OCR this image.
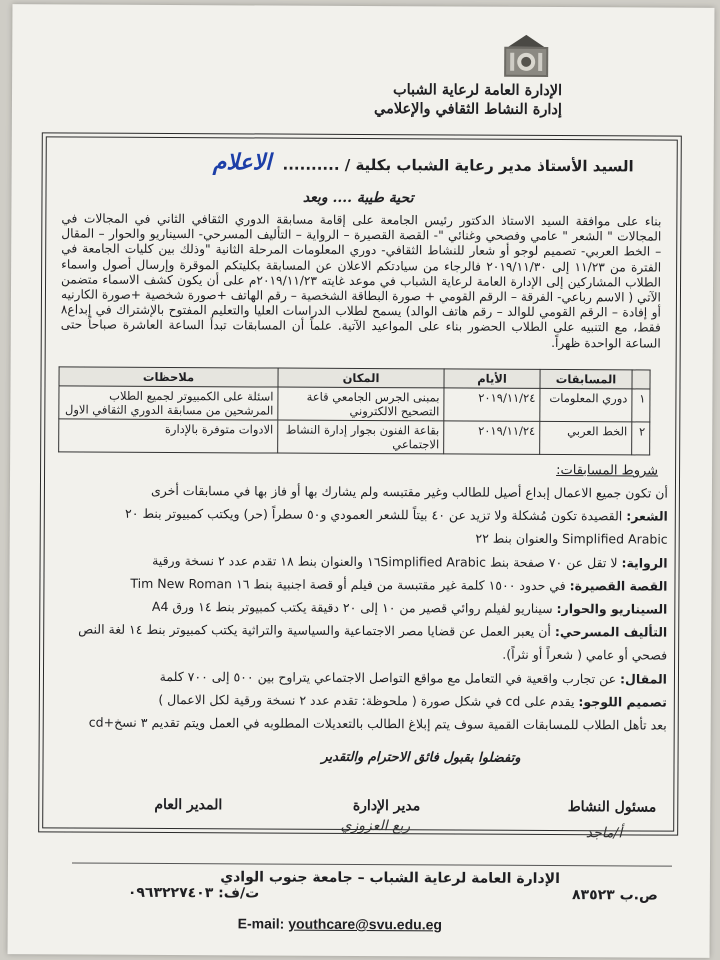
الإدارة العامة لرعاية الشباب
إدارة النشاط الثقافي والإعلامي
السيد الأستاذ مدير رعاية الشباب بكلية / .......... الاعلام
تحية طيبة .... وبعد
بناء على موافقة السيد الاستاذ الدكتور رئيس الجامعة على إقامة مسابقة الدوري الثقافي الثاني في المجالات في المجالات " الشعر " عامي وفصحي وغنائي "- القصة القصيرة – الرواية – التأليف المسرحي- السيناريو والحوار – المقال – الخط العربي- تصميم لوجو أو شعار للنشاط الثقافي- دوري المعلومات المرحلة الثانية "وذلك بين كليات الجامعة في الفترة من ١١/٢٣ إلى ٢٠١٩/١١/٣٠ فالرجاء من سيادتكم الاعلان عن المسابقة بكليتكم الموقرة وإرسال أصول واسماء الطلاب المشاركين إلى الإدارة العامة لرعاية الشباب في موعد غايته ٢٠١٩/١١/٢٣م على أن يكون كشف الاسماء متضمن الآتي ( الاسم رباعي- الفرقة – الرقم القومي + صورة البطاقة الشخصية – رقم الهاتف +صورة شخصية +صورة الكارنيه أو إفادة – الرقم القومي للوالد – رقم هاتف الوالد) يسمح لطلاب الدراسات العليا والتعليم المفتوح بالإشتراك في إبداع٨ فقط، مع التنبيه على الطلاب الحضور بناء على المواعيد الآتية. علماً أن المسابقات تبدأ الساعة العاشرة صباحاً حتى الساعة الواحدة ظهراً.
	المسابقات	الأيام	المكان	ملاحظات
١	دوري المعلومات	٢٠١٩/١١/٢٤	بمبنى الجرس الجامعي قاعة التصحيح الالكتروني	اسئلة على الكمبيوتر لجميع الطلاب المرشحين من مسابقة الدوري الثقافي الاول
٢	الخط العربي	٢٠١٩/١١/٢٤	بقاعة الفنون بجوار إدارة النشاط الاجتماعي	الادوات متوفرة بالإدارة
شروط المسابقات:
أن تكون جميع الاعمال إبداع أصيل للطالب وغير مقتبسه ولم يشارك بها أو فاز بها في مسابقات أخرى
الشعر: القصيدة تكون مُشكلة ولا تزيد عن ٤٠ بيتاً للشعر العمودي و٥٠ سطراً (حر) ويكتب كمبيوتر بنط ٢٠
Simplified Arabic والعنوان بنط ٢٢
الرواية: لا تقل عن ٧٠ صفحة بنط ١٦Simplified Arabic والعنوان بنط ١٨ تقدم عدد ٢ نسخة ورقية
القصة القصيرة: في حدود ١٥٠٠ كلمة غير مقتبسة من فيلم أو قصة اجنبية بنط ١٦ Tim New Roman
السيناريو والحوار: سيناريو لفيلم روائي قصير من ١٠ إلى ٢٠ دقيقة يكتب كمبيوتر بنط ١٤ ورق A4
التأليف المسرحي: أن يعبر العمل عن قضايا مصر الاجتماعية والسياسية والتراثية يكتب كمبيوتر بنط ١٤ لغة النص
فصحي أو عامي ( شعراً أو نثراً).
المقال: عن تجارب واقعية في التعامل مع مواقع التواصل الاجتماعي يتراوح بين ٥٠٠ إلى ٧٠٠ كلمة
تصميم اللوجو: يقدم على cd في شكل صورة ( ملحوظة: تقدم عدد ٢ نسخة ورقية لكل الاعمال )
بعد تأهل الطلاب للمسابقات القمية سوف يتم إبلاغ الطالب بالتعديلات المطلوبه في العمل ويتم تقديم ٣ نسخ+cd
وتفضلوا بقبول فائق الاحترام والتقدير
مسئول النشاط
مدير الإدارة
المدير العام
أ/ماجد
ربع العزوزي
الإدارة العامة لرعاية الشباب – جامعة جنوب الوادي
ص.ب ٨٣٥٢٣
ت/ف: ٠٩٦٣٢٢٧٤٠٣
E-mail: youthcare@svu.edu.eg
